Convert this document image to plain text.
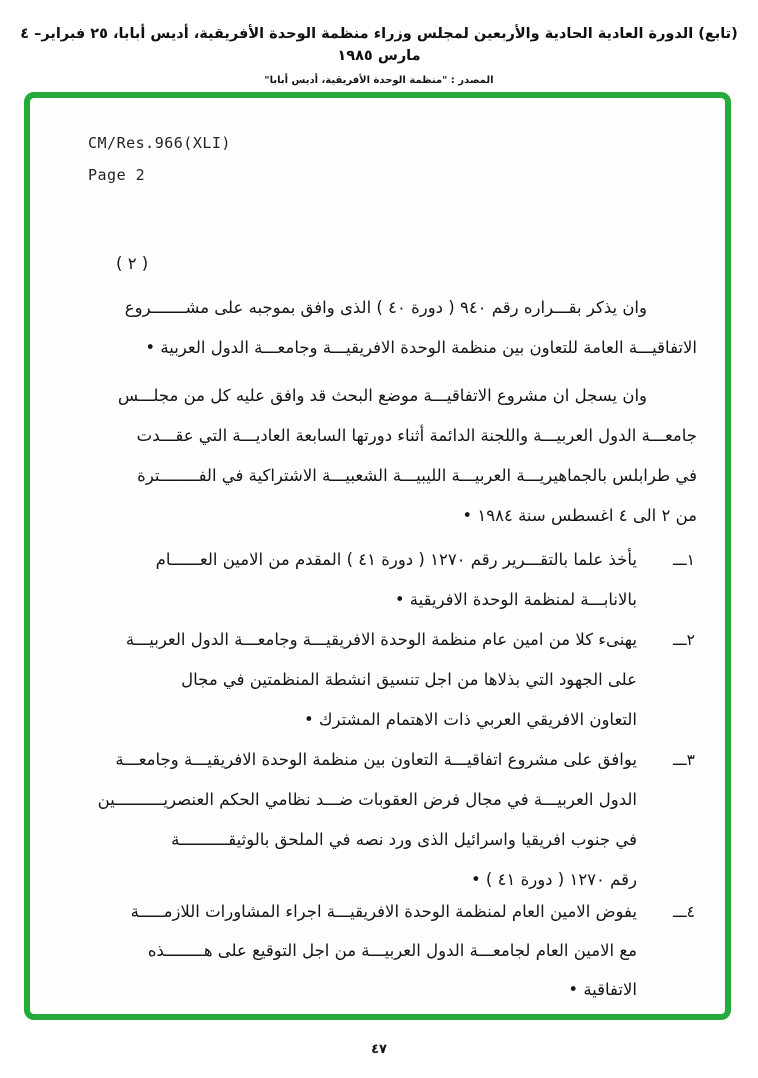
(تابع) الدورة العادية الحادية والأربعين لمجلس وزراء منظمة الوحدة الأفريقية، أديس أبابا، ٢٥ فبراير– ٤ مارس ١٩٨٥
المصدر : "منظمة الوحدة الأفريقية، أديس أبابا"
CM/Res.966(XLI)
Page 2
( ٢ )
وان يذكر بقـــراره رقم ٩٤٠ ( دورة ٤٠ ) الذى وافق بموجبه على مشـــــــروع
الاتفاقيـــة العامة للتعاون بين منظمة الوحدة الافريقيـــة وجامعـــة الدول العربية •
وان يسجل ان مشروع الاتفاقيـــة موضع البحث قد وافق عليه كل من مجلـــس
جامعـــة الدول العربيـــة واللجنة الدائمة أثناء دورتها السابعة العاديـــة التي عقـــدت
في طرابلس بالجماهيريـــة العربيـــة الليبيـــة الشعبيـــة الاشتراكية في الفــــــــترة
من ٢ الى ٤ اغسطس سنة ١٩٨٤ •
١ـــ
يأخذ علما بالتقـــرير رقم ١٢٧٠ ( دورة ٤١ ) المقدم من الامين العــــــام
بالانابـــة لمنظمة الوحدة الافريقية •
٢ـــ
يهنىء كلا من امين عام منظمة الوحدة الافريقيـــة وجامعـــة الدول العربيـــة
على الجهود التي بذلاها من اجل تنسيق انشطة المنظمتين في مجال
التعاون الافريقي العربي ذات الاهتمام المشترك •
٣ـــ
يوافق على مشروع اتفاقيـــة التعاون بين منظمة الوحدة الافريقيـــة وجامعـــة
الدول العربيـــة في مجال فرض العقوبات ضـــد نظامي الحكم العنصريــــــــــين
في جنوب افريقيا واسرائيل الذى ورد نصه في الملحق بالوثيقــــــــــة
رقم ١٢٧٠ ( دورة ٤١ ) •
٤ـــ
يفوض الامين العام لمنظمة الوحدة الافريقيـــة اجراء المشاورات اللازمـــــة
مع الامين العام لجامعـــة الدول العربيـــة من اجل التوقيع على هــــــــذه
الاتفاقية •
٤٧
